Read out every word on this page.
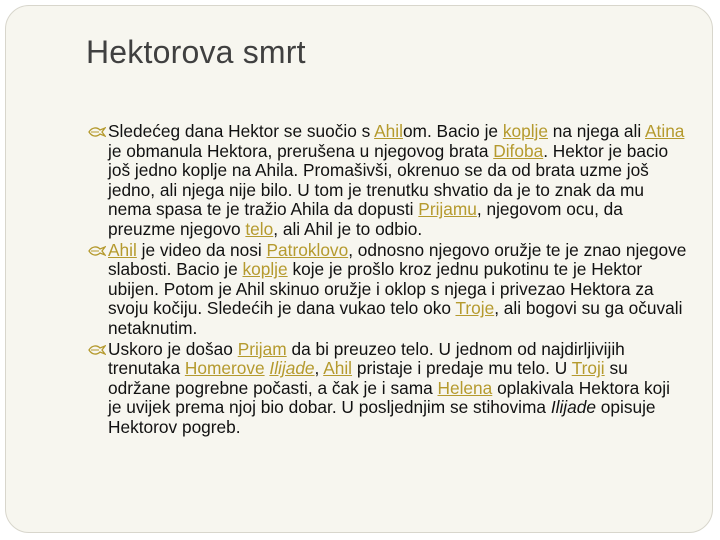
Hektorova smrt
Sledećeg dana Hektor se suočio s Ahilom. Bacio je koplje na njega ali Atina je obmanula Hektora, prerušena u njegovog brata Difoba. Hektor je bacio još jedno koplje na Ahila. Promašivši, okrenuo se da od brata uzme još jedno, ali njega nije bilo. U tom je trenutku shvatio da je to znak da mu nema spasa te je tražio Ahila da dopusti Prijamu, njegovom ocu, da preuzme njegovo telo, ali Ahil je to odbio.
Ahil je video da nosi Patroklovo, odnosno njegovo oružje te je znao njegove slabosti. Bacio je koplje koje je prošlo kroz jednu pukotinu te je Hektor ubijen. Potom je Ahil skinuo oružje i oklop s njega i privezao Hektora za svoju kočiju. Sledećih je dana vukao telo oko Troje, ali bogovi su ga očuvali netaknutim.
Uskoro je došao Prijam da bi preuzeo telo. U jednom od najdirljivijih trenutaka Homerove Ilijade, Ahil pristaje i predaje mu telo. U Troji su održane pogrebne počasti, a čak je i sama Helena oplakivala Hektora koji je uvijek prema njoj bio dobar. U posljednjim se stihovima Ilijade opisuje Hektorov pogreb.
